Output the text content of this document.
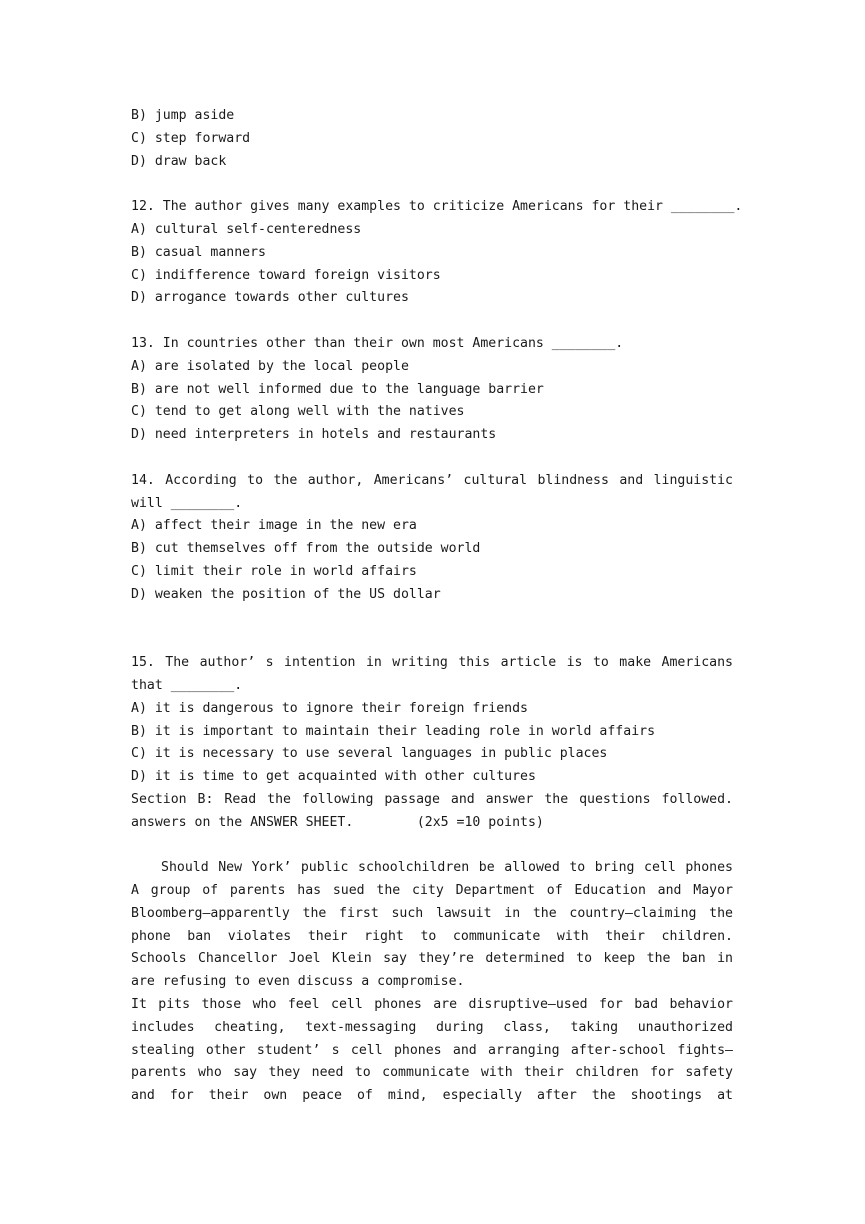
B) jump aside
C) step forward
D) draw back
12. The author gives many examples to criticize Americans for their ________.
A) cultural self-centeredness
B) casual manners
C) indifference toward foreign visitors
D) arrogance towards other cultures
13. In countries other than their own most Americans ________.
A) are isolated by the local people
B) are not well informed due to the language barrier
C) tend to get along well with the natives
D) need interpreters in hotels and restaurants
14. According to the author, Americans’ cultural blindness and linguistic
will ________.
A) affect their image in the new era
B) cut themselves off from the outside world
C) limit their role in world affairs
D) weaken the position of the US dollar
15. The author’ s intention in writing this article is to make Americans
that ________.
A) it is dangerous to ignore their foreign friends
B) it is important to maintain their leading role in world affairs
C) it is necessary to use several languages in public places
D) it is time to get acquainted with other cultures
Section B: Read the following passage and answer the questions followed.
answers on the ANSWER SHEET.        (2x5 =10 points)
Should New York’ public schoolchildren be allowed to bring cell phones
A group of parents has sued the city Department of Education and Mayor
Bloomberg—apparently the first such lawsuit in the country—claiming the
phone ban violates their right to communicate with their children.
Schools Chancellor Joel Klein say they’re determined to keep the ban in
are refusing to even discuss a compromise.
It pits those who feel cell phones are disruptive—used for bad behavior
includes cheating, text-messaging during class, taking unauthorized
stealing other student’ s cell phones and arranging after-school fights—
parents who say they need to communicate with their children for safety
and for their own peace of mind, especially after the shootings at
